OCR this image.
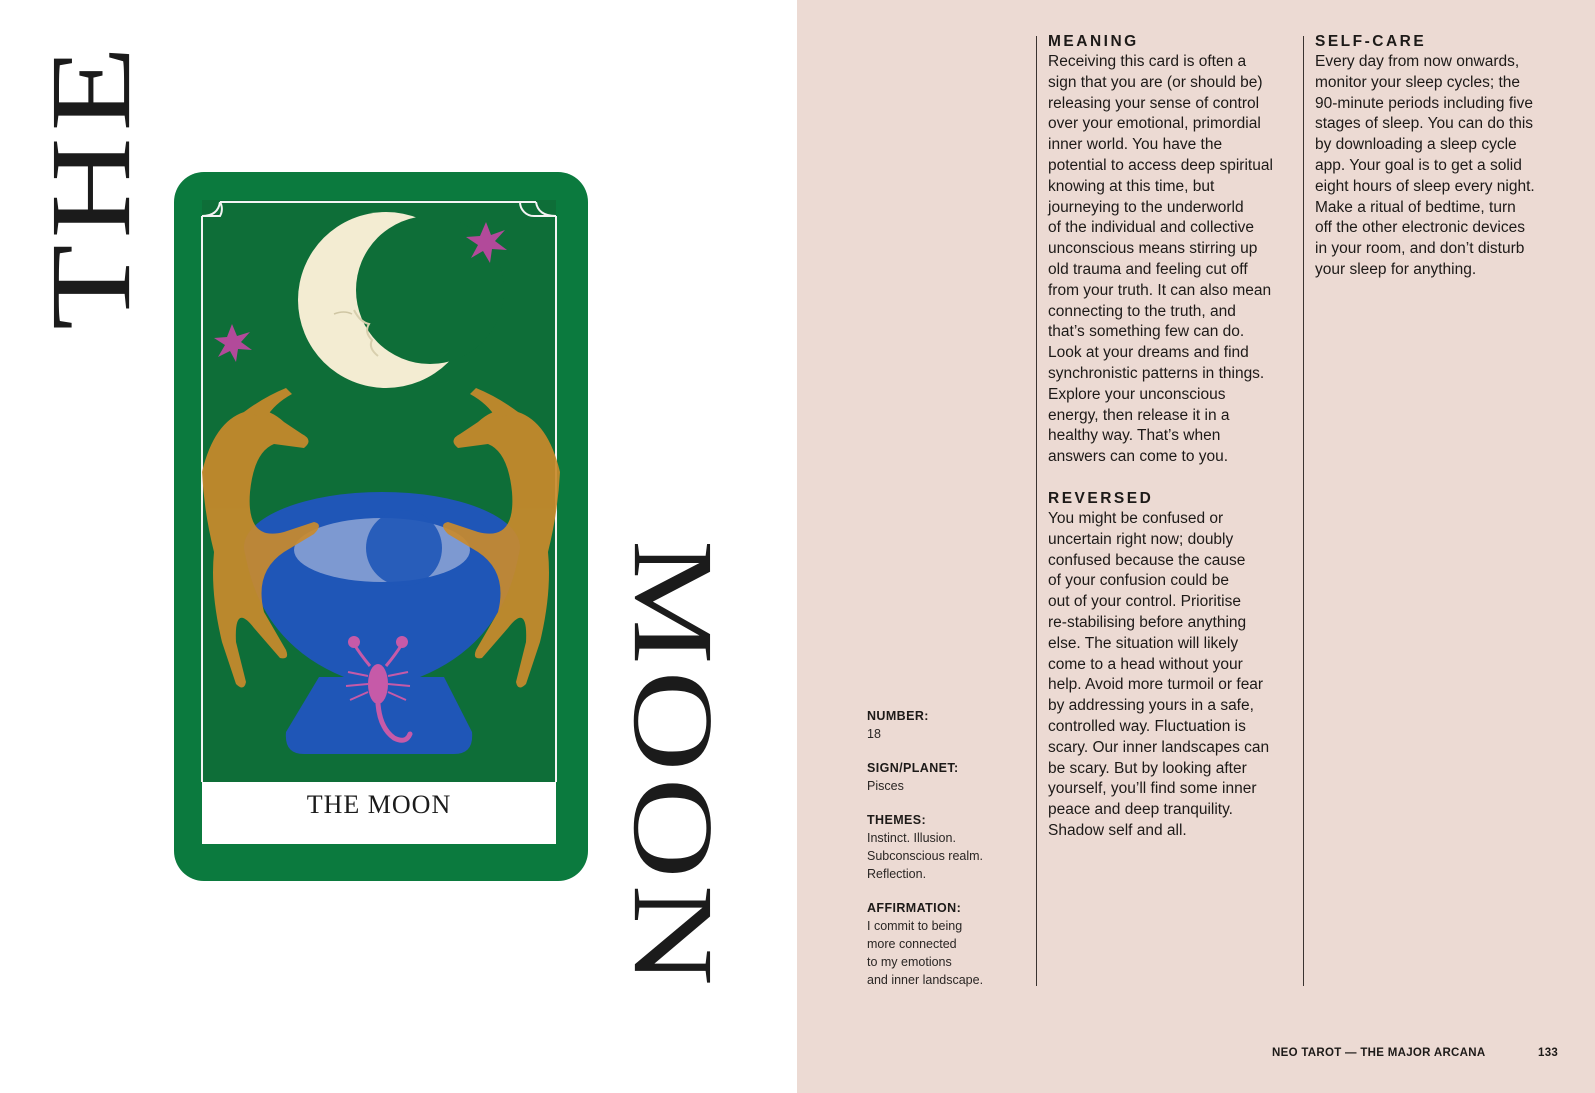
THE
MOON
THE MOON
NUMBER:
18
SIGN/PLANET:
Pisces
THEMES:
Instinct. Illusion.
Subconscious realm.
Reflection.
AFFIRMATION:
I commit to being
more connected
to my emotions
and inner landscape.
MEANING
Receiving this card is often a
sign that you are (or should be)
releasing your sense of control
over your emotional, primordial
inner world. You have the
potential to access deep spiritual
knowing at this time, but
journeying to the underworld
of the individual and collective
unconscious means stirring up
old trauma and feeling cut off
from your truth. It can also mean
connecting to the truth, and
that’s something few can do.
Look at your dreams and find
synchronistic patterns in things.
Explore your unconscious
energy, then release it in a
healthy way. That’s when
answers can come to you.
REVERSED
You might be confused or
uncertain right now; doubly
confused because the cause
of your confusion could be
out of your control. Prioritise
re-stabilising before anything
else. The situation will likely
come to a head without your
help. Avoid more turmoil or fear
by addressing yours in a safe,
controlled way. Fluctuation is
scary. Our inner landscapes can
be scary. But by looking after
yourself, you’ll find some inner
peace and deep tranquility.
Shadow self and all.
SELF-CARE
Every day from now onwards,
monitor your sleep cycles; the
90-minute periods including five
stages of sleep. You can do this
by downloading a sleep cycle
app. Your goal is to get a solid
eight hours of sleep every night.
Make a ritual of bedtime, turn
off the other electronic devices
in your room, and don’t disturb
your sleep for anything.
NEO TAROT — THE MAJOR ARCANA	133
